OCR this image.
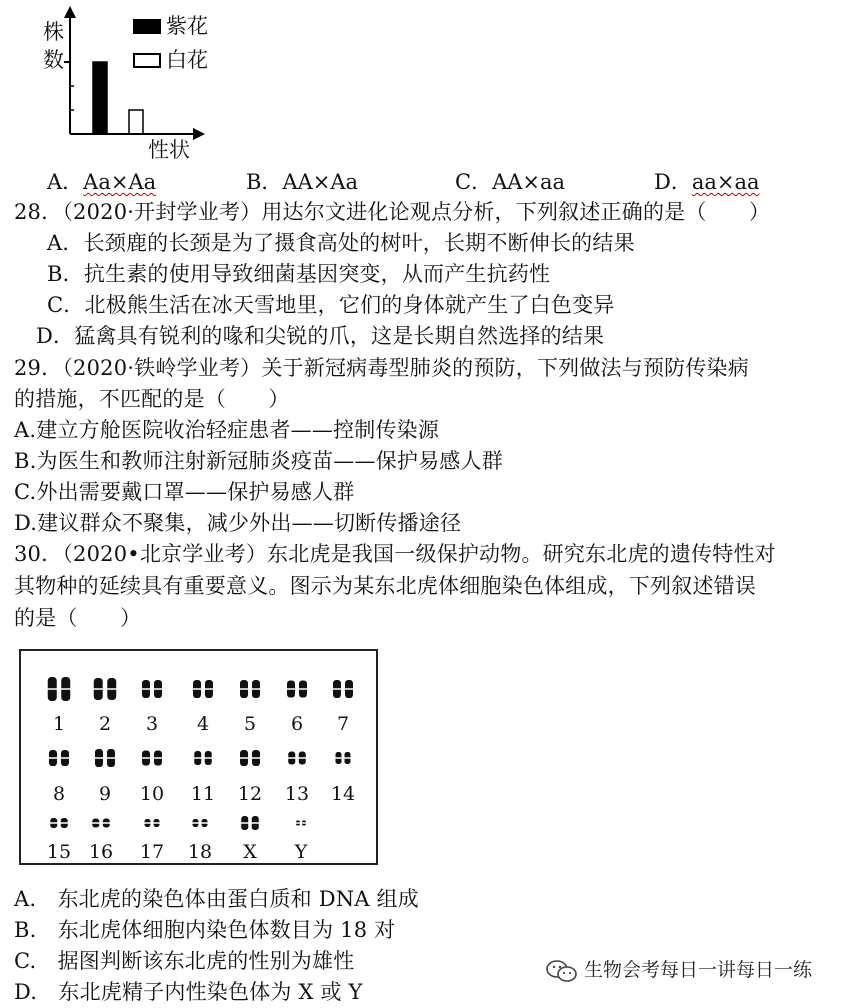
株
数
性状
紫花
白花
A．Aa×Aa	B．AA×Aa	C．AA×aa	D．aa×aa
28．（2020·开封学业考）用达尔文进化论观点分析，下列叙述正确的是（　　）
A．长颈鹿的长颈是为了摄食高处的树叶，长期不断伸长的结果
B．抗生素的使用导致细菌基因突变，从而产生抗药性
C．北极熊生活在冰天雪地里，它们的身体就产生了白色变异
D．猛禽具有锐利的喙和尖锐的爪，这是长期自然选择的结果
29．（2020·铁岭学业考）关于新冠病毒型肺炎的预防，下列做法与预防传染病
的措施，不匹配的是（　　）
A.建立方舱医院收治轻症患者——控制传染源
B.为医生和教师注射新冠肺炎疫苗——保护易感人群
C.外出需要戴口罩——保护易感人群
D.建议群众不聚集，减少外出——切断传播途径
30．（2020•北京学业考）东北虎是我国一级保护动物。研究东北虎的遗传特性对
其物种的延续具有重要意义。图示为某东北虎体细胞染色体组成，下列叙述错误
的是（　　）
1	2	3	4	5	6	7
8	9	10	11	12	13	14
15 16	17	18	X	Y
A.　东北虎的染色体由蛋白质和 DNA 组成
B.　东北虎体细胞内染色体数目为 18 对
C.　据图判断该东北虎的性别为雄性
D.　东北虎精子内性染色体为 X 或 Y
生物会考每日一讲每日一练
